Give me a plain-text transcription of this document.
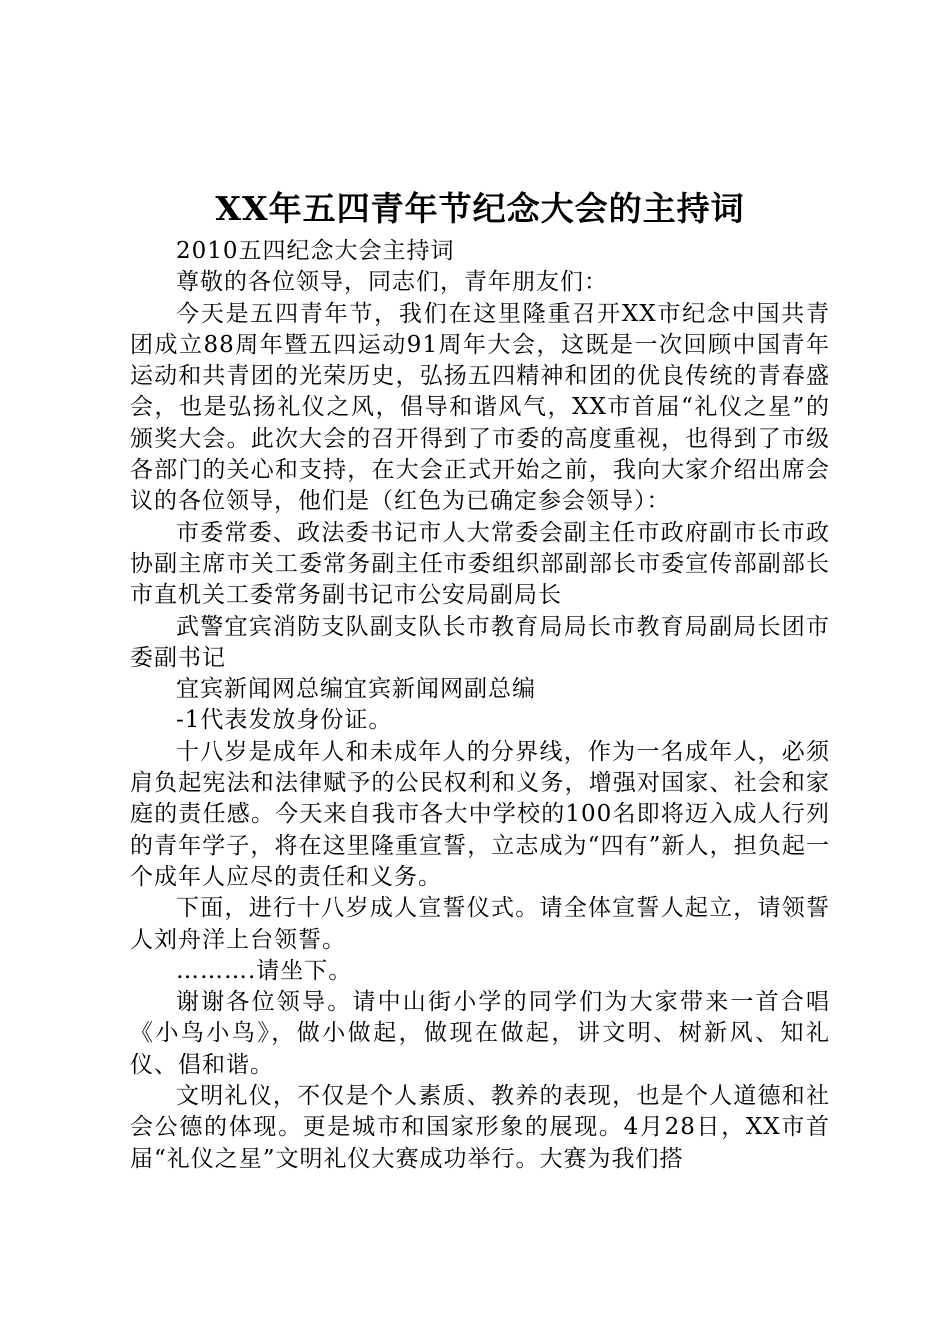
XX年五四青年节纪念大会的主持词

2010五四纪念大会主持词

尊敬的各位领导，同志们，青年朋友们：

今天是五四青年节，我们在这里隆重召开XX市纪念中国共青团成立88周年暨五四运动91周年大会，这既是一次回顾中国青年运动和共青团的光荣历史，弘扬五四精神和团的优良传统的青春盛会，也是弘扬礼仪之风，倡导和谐风气，XX市首届“礼仪之星”的颁奖大会。此次大会的召开得到了市委的高度重视，也得到了市级各部门的关心和支持，在大会正式开始之前，我向大家介绍出席会议的各位领导，他们是（红色为已确定参会领导）：

市委常委、政法委书记市人大常委会副主任市政府副市长市政协副主席市关工委常务副主任市委组织部副部长市委宣传部副部长市直机关工委常务副书记市公安局副局长

武警宜宾消防支队副支队长市教育局局长市教育局副局长团市委副书记

宜宾新闻网总编宜宾新闻网副总编

-1代表发放身份证。

十八岁是成年人和未成年人的分界线，作为一名成年人，必须肩负起宪法和法律赋予的公民权利和义务，增强对国家、社会和家庭的责任感。今天来自我市各大中学校的100名即将迈入成人行列的青年学子，将在这里隆重宣誓，立志成为“四有”新人，担负起一个成年人应尽的责任和义务。

下面，进行十八岁成人宣誓仪式。请全体宣誓人起立，请领誓人刘舟洋上台领誓。

……….请坐下。

谢谢各位领导。请中山街小学的同学们为大家带来一首合唱《小鸟小鸟》，做小做起，做现在做起，讲文明、树新风、知礼仪、倡和谐。

文明礼仪，不仅是个人素质、教养的表现，也是个人道德和社会公德的体现。更是城市和国家形象的展现。4月28日，XX市首届“礼仪之星”文明礼仪大赛成功举行。大赛为我们搭
